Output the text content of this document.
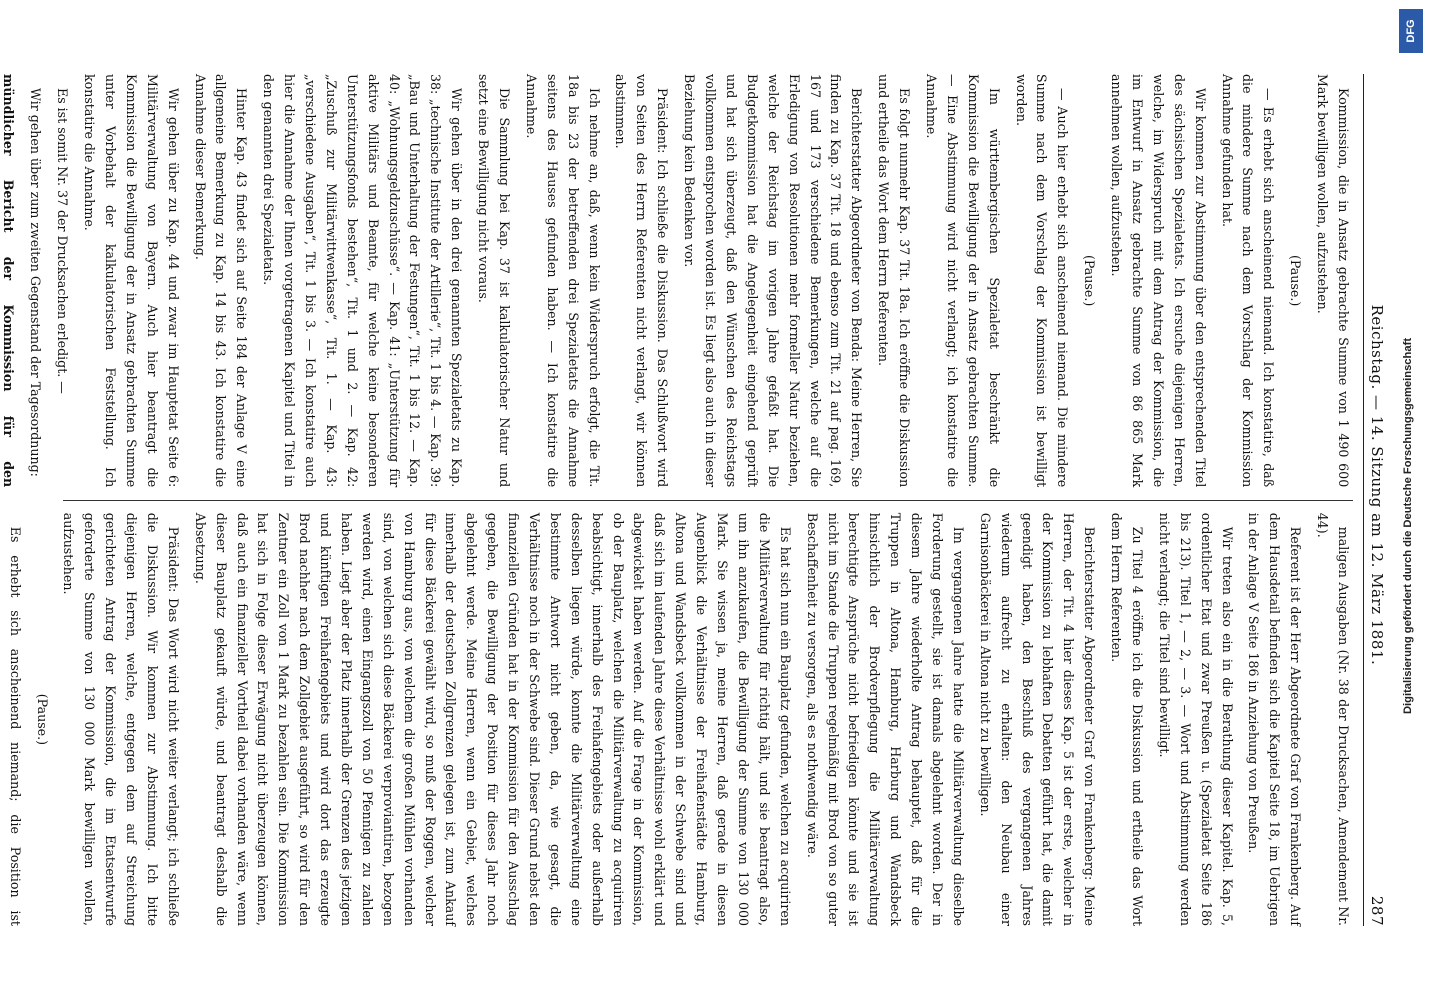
Reichstag. — 14. Sitzung am 12. März 1881.
287

Kommission, die in Ansatz gebrachte Summe von 1 490 600 Mark bewilligen wollen, aufzustehen.

(Pause.)

— Es erhebt sich anscheinend niemand. Ich konstatire, daß die mindere Summe nach dem Vorschlag der Kommission Annahme gefunden hat.

Wir kommen zur Abstimmung über den entsprechenden Titel des sächsischen Spezialetats. Ich ersuche diejenigen Herren, welche, im Widerspruch mit dem Antrag der Kommission, die im Entwurf in Ansatz gebrachte Summe von 86 865 Mark annehmen wollen, aufzustehen.

(Pause.)

— Auch hier erhebt sich anscheinend niemand. Die mindere Summe nach dem Vorschlag der Kommission ist bewilligt worden.

Im württembergischen Spezialetat beschränkt die Kommission die Bewilligung der in Ansatz gebrachten Summe. — Eine Abstimmung wird nicht verlangt; ich konstatire die Annahme.

Es folgt nunmehr Kap. 37 Tit. 18a. Ich eröffne die Diskussion und ertheile das Wort dem Herrn Referenten.

Berichterstatter Abgeordneter von Benda: Meine Herren, Sie finden zu Kap. 37 Tit. 18 und ebenso zum Tit. 21 auf pag. 169, 167 und 173 verschiedene Bemerkungen, welche auf die Erledigung von Resolutionen mehr formeller Natur beziehen, welche der Reichstag im vorigen Jahre gefaßt hat. Die Budgetkommission hat die Angelegenheit eingehend geprüft und hat sich überzeugt, daß den Wünschen des Reichstags vollkommen entsprochen worden ist. Es liegt also auch in dieser Beziehung kein Bedenken vor.

Präsident: Ich schließe die Diskussion. Das Schlußwort wird von Seiten des Herrn Referenten nicht verlangt, wir können abstimmen.

Ich nehme an, daß, wenn kein Widerspruch erfolgt, die Tit. 18a bis 23 der betreffenden drei Spezialetats die Annahme seitens des Hauses gefunden haben. — Ich konstatire die Annahme.

Die Sammlung bei Kap. 37 ist kalkulatorischer Natur und setzt eine Bewilligung nicht voraus.

Wir gehen über in den drei genannten Spezialetats zu Kap. 38: „technische Institute der Artillerie“, Tit. 1 bis 4. — Kap. 39: „Bau und Unterhaltung der Festungen“, Tit. 1 bis 12. — Kap. 40: „Wohnungsgeldzuschüsse“. — Kap. 41: „Unterstützung für aktive Militärs und Beamte, für welche keine besonderen Unterstützungsfonds bestehen“, Tit. 1 und 2. — Kap. 42: „Zuschuß zur Militärwittwenkasse“, Tit. 1. — Kap. 43: „verschiedene Ausgaben“, Tit. 1 bis 3. — Ich konstatire auch hier die Annahme der Ihnen vorgetragenen Kapitel und Titel in den genannten drei Spezialetats.

Hinter Kap. 43 findet sich auf Seite 184 der Anlage V eine allgemeine Bemerkung zu Kap. 14 bis 43. Ich konstatire die Annahme dieser Bemerkung.

Wir gehen über zu Kap. 44 und zwar im Hauptetat Seite 6: Militärverwaltung von Bayern. Auch hier beantragt die Kommission die Bewilligung der in Ansatz gebrachten Summe unter Vorbehalt der kalkulatorischen Feststellung. Ich konstatire die Annahme.

Es ist somit Nr. 37 der Drucksachen erledigt. —

Wir gehen über zum zweiten Gegenstand der Tagesordnung:

mündlicher Bericht der Kommission für den

maligen Ausgaben (Nr. 38 der Drucksachen, Amendement Nr. 44).

Referent ist der Herr Abgeordnete Graf von Frankenberg. Auf dem Hausdetail befinden sich die Kapitel Seite 18, im Uebrigen in der Anlage V Seite 186 in Anziehung von Preußen.

Wir treten also ein in die Berathung dieser Kapitel. Kap. 5, ordentlicher Etat und zwar Preußen u. (Spezialetat Seite 186 bis 213). Titel 1, — 2, — 3. — Wort und Abstimmung werden nicht verlangt; die Titel sind bewilligt.

Zu Titel 4 eröffne ich die Diskussion und ertheile das Wort dem Herrn Referenten.

Berichterstatter Abgeordneter Graf von Frankenberg: Meine Herren, der Tit. 4 hier dieses Kap. 5 ist der erste, welcher in der Kommission zu lebhaften Debatten geführt hat, die damit geendigt haben, den Beschluß des vergangenen Jahres wiederum aufrecht zu erhalten: den Neubau einer Garnisonbäckerei in Altona nicht zu bewilligen.

Im vergangenen Jahre hatte die Militärverwaltung dieselbe Forderung gestellt, sie ist damals abgelehnt worden. Der in diesem Jahre wiederholte Antrag behauptet, daß für die Truppen in Altona, Hamburg, Harburg und Wandsbeck hinsichtlich der Brodverpflegung die Militärverwaltung berechtigte Ansprüche nicht befriedigen könnte und sie ist nicht im Stande die Truppen regelmäßig mit Brod von so guter Beschaffenheit zu versorgen, als es nothwendig wäre.

Es hat sich nun ein Bauplatz gefunden, welchen zu acquiriren die Militärverwaltung für richtig hält, und sie beantragt also, um ihn anzukaufen, die Bewilligung der Summe von 130 000 Mark. Sie wissen ja, meine Herren, daß gerade in diesen Augenblick die Verhältnisse der Freihafenstädte Hamburg, Altona und Wandsbeck vollkommen in der Schwebe sind und daß sich im laufenden Jahre diese Verhältnisse wohl erklärt und abgewickelt haben werden. Auf die Frage in der Kommission, ob der Bauplatz, welchen die Militärverwaltung zu acquiriren beabsichtigt, innerhalb des Freihafengebiets oder außerhalb desselben liegen würde, konnte die Militärverwaltung eine bestimmte Antwort nicht geben, da, wie gesagt, die Verhältnisse noch in der Schwebe sind. Dieser Grund nebst den finanziellen Gründen hat in der Kommission für den Ausschlag gegeben, die Bewilligung der Position für dieses Jahr noch abgelehnt werde. Meine Herren, wenn ein Gebiet, welches innerhalb der deutschen Zollgrenzen gelegen ist, zum Ankauf für diese Bäckerei gewählt wird, so muß der Roggen, welcher von Hamburg aus, von welchem die großen Mühlen vorhanden sind, von welchen sich diese Bäckerei verproviantiren, bezogen werden wird, einen Eingangszoll von 50 Pfennigen zu zahlen haben. Liegt aber der Platz innerhalb der Grenzen des jetzigen und künftigen Freihafengebiets und wird dort das erzeugte Brod nachher nach dem Zollgebiet ausgeführt, so wird für den Zentner ein Zoll von 1 Mark zu bezahlen sein. Die Kommission hat sich in Folge dieser Erwägung nicht überzeugen können, daß auch ein finanzieller Vortheil dabei vorhanden wäre, wenn dieser Bauplatz gekauft würde, und beantragt deshalb die Absetzung.

Präsident: Das Wort wird nicht weiter verlangt; ich schließe die Diskussion. Wir kommen zur Abstimmung. Ich bitte diejenigen Herren, welche, entgegen dem auf Streichung gerichteten Antrag der Kommission, die im Etatsentwurfe geforderte Summe von 130 000 Mark bewilligen wollen, aufzustehen.

(Pause.)

Es erhebt sich anscheinend niemand; die Position ist

DFG
Digitalisierung gefördert durch die Deutsche Forschungsgemeinschaft
